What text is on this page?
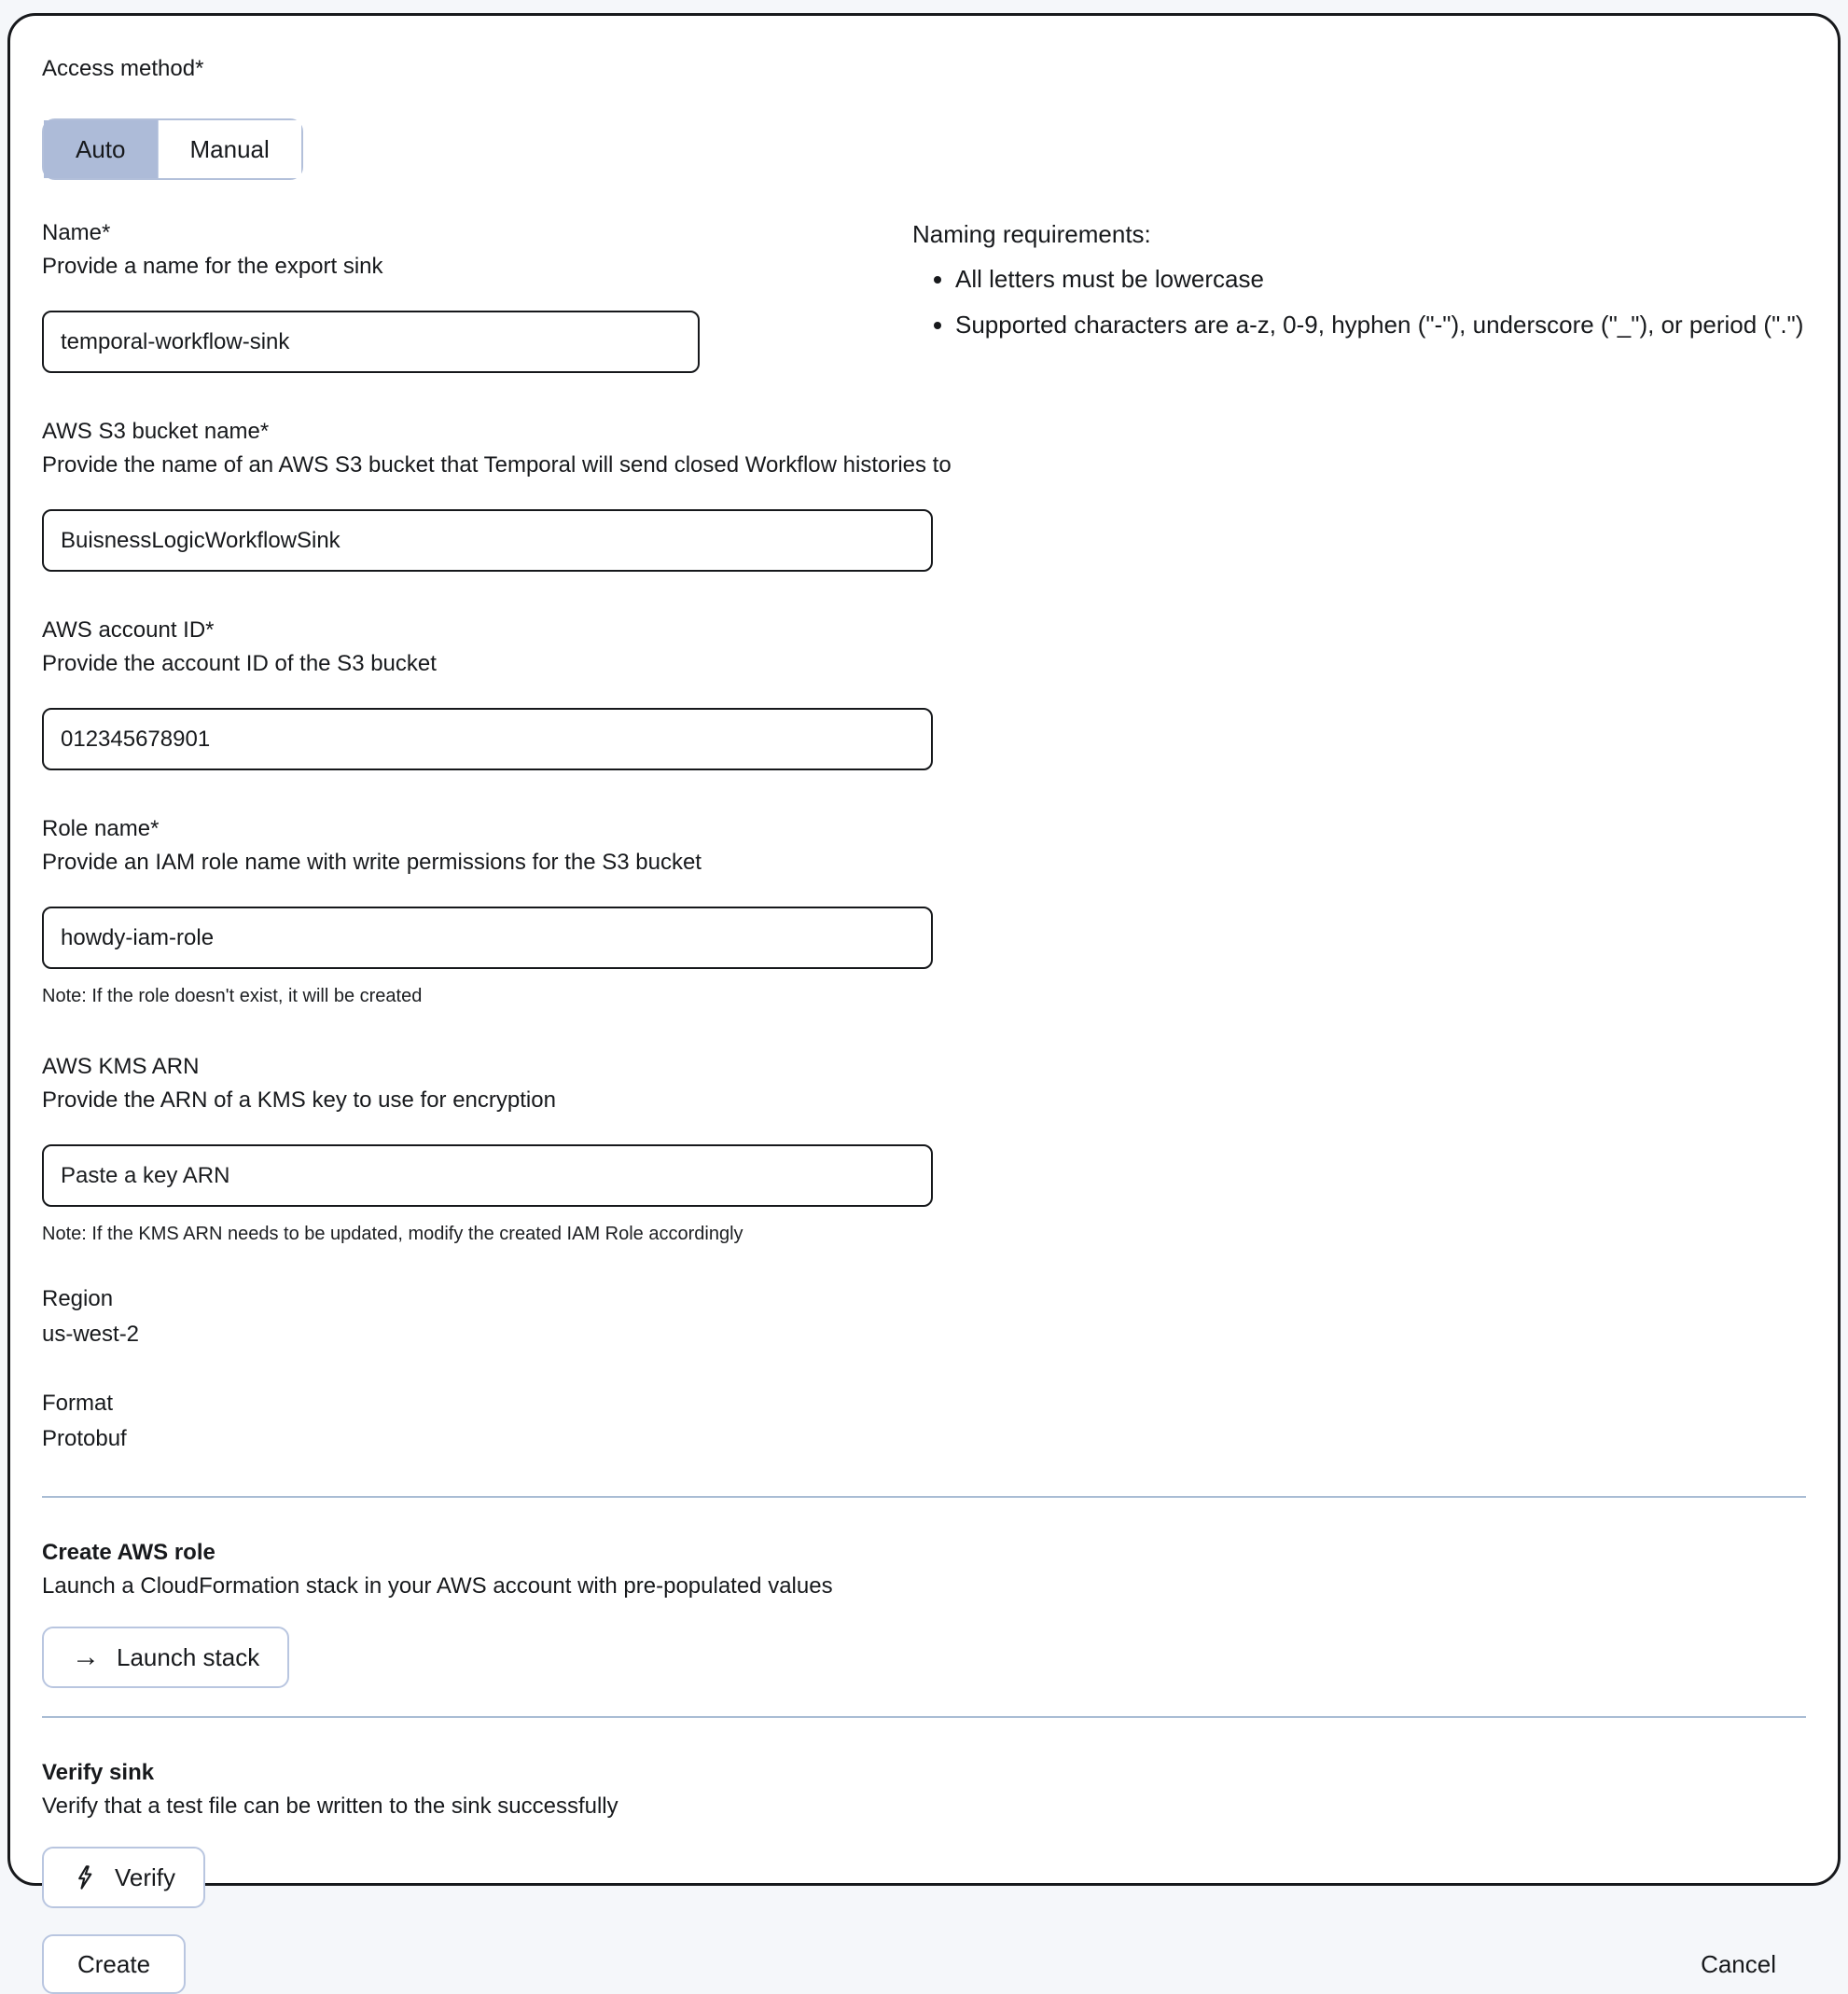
Access method*
Auto	Manual
Name*
Provide a name for the export sink
temporal-workflow-sink
Naming requirements:
• All letters must be lowercase
• Supported characters are a-z, 0-9, hyphen ("-"), underscore ("_"), or period (".")
AWS S3 bucket name*
Provide the name of an AWS S3 bucket that Temporal will send closed Workflow histories to
BuisnessLogicWorkflowSink
AWS account ID*
Provide the account ID of the S3 bucket
012345678901
Role name*
Provide an IAM role name with write permissions for the S3 bucket
howdy-iam-role
Note: If the role doesn't exist, it will be created
AWS KMS ARN
Provide the ARN of a KMS key to use for encryption
Paste a key ARN
Note: If the KMS ARN needs to be updated, modify the created IAM Role accordingly
Region
us-west-2
Format
Protobuf
Create AWS role
Launch a CloudFormation stack in your AWS account with pre-populated values
→ Launch stack
Verify sink
Verify that a test file can be written to the sink successfully
Verify
Create	Cancel
